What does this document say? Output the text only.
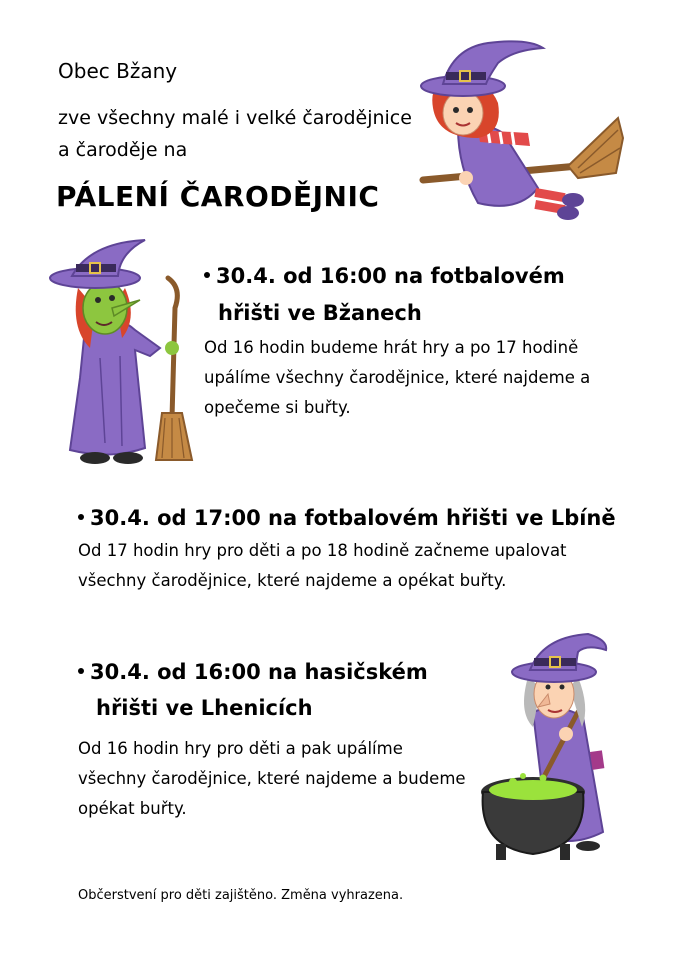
Obec Bžany
zve všechny malé i velké čarodějnice
a čaroděje na
PÁLENÍ ČARODĚJNIC
30.4. od 16:00 na fotbalovém
hřišti ve Bžanech
Od 16 hodin budeme hrát hry a po 17 hodině
upálíme všechny čarodějnice, které najdeme a
opečeme si buřty.
30.4. od 17:00 na fotbalovém hřišti ve Lbíně
Od 17 hodin hry pro děti a po 18 hodině začneme upalovat
všechny čarodějnice, které najdeme a opékat buřty.
30.4. od 16:00 na hasičském
hřišti ve Lhenicích
Od 16 hodin hry pro děti a pak upálíme
všechny čarodějnice, které najdeme a budeme
opékat buřty.
Občerstvení pro děti zajištěno. Změna vyhrazena.
